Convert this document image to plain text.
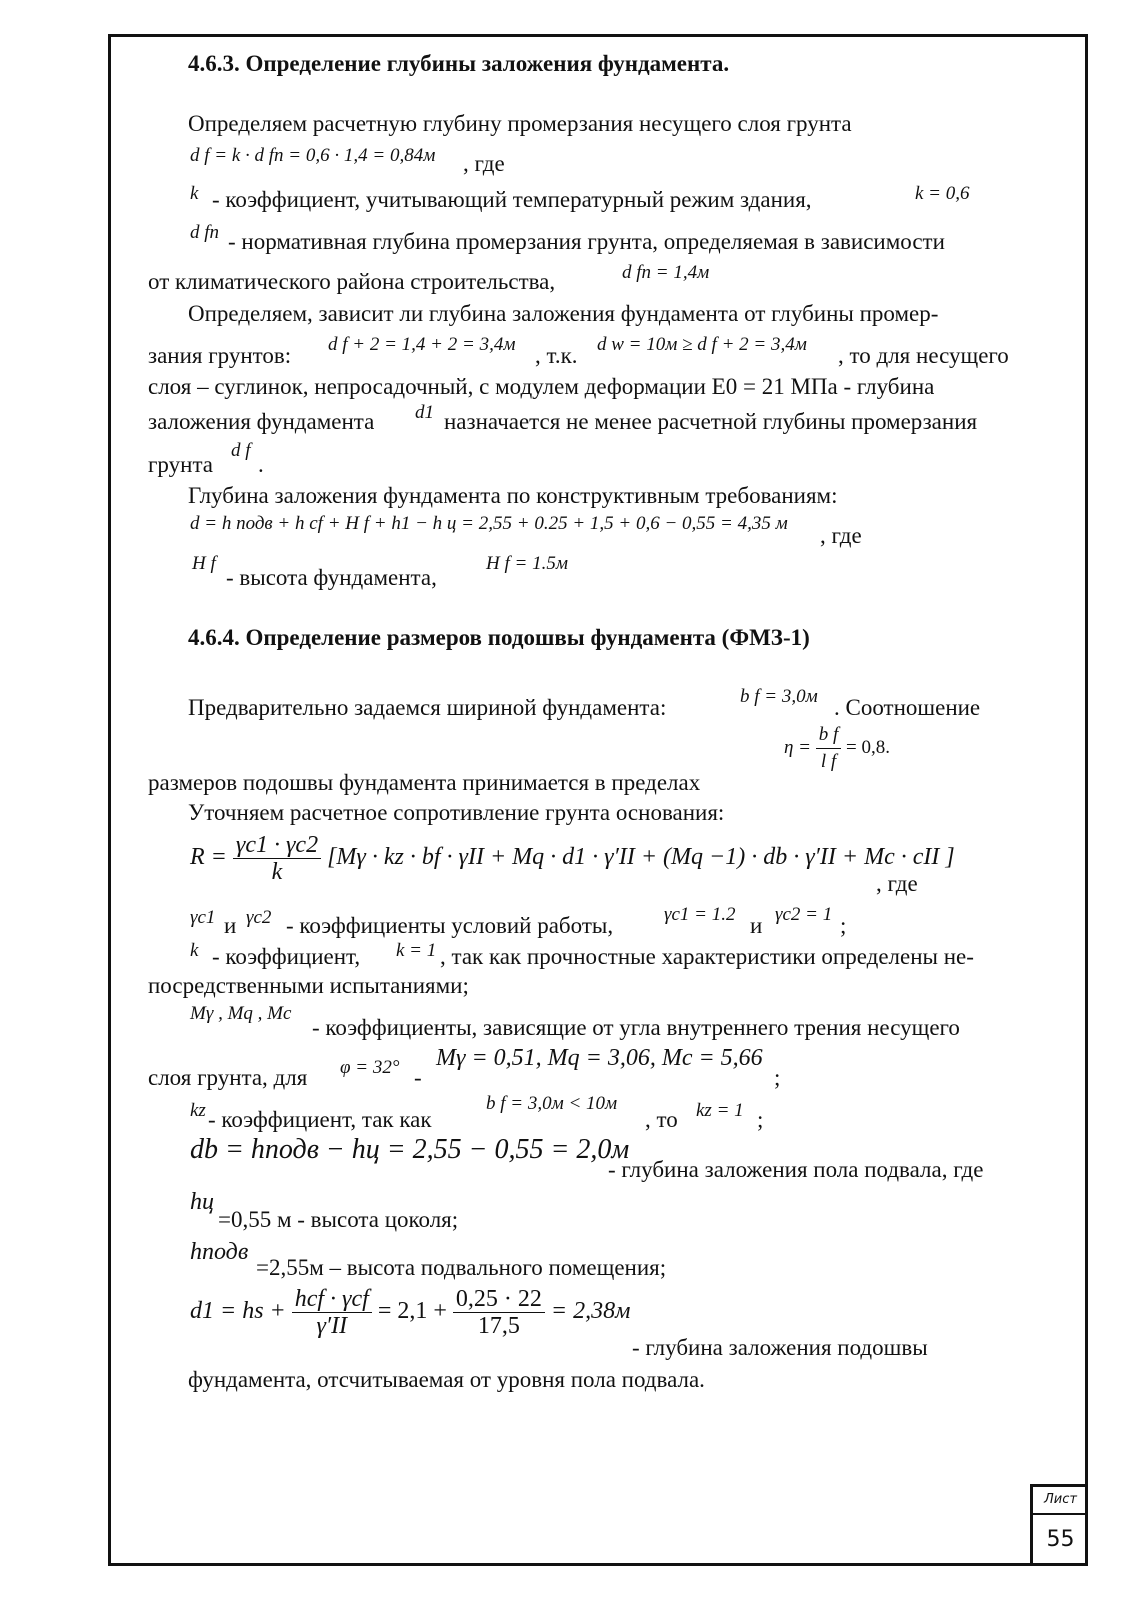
Лист
55
4.6.3. Определение глубины заложения фундамента.
Определяем расчетную глубину промерзания несущего слоя грунта
d f = k · d fn = 0,6 · 1,4 = 0,84м , где
k - коэффициент, учитывающий температурный режим здания,	k = 0,6
d fn - нормативная глубина промерзания грунта, определяемая в зависимости
от климатического района строительства,	d fn = 1,4м
Определяем, зависит ли глубина заложения фундамента от глубины промер-
зания грунтов: d f + 2 = 1,4 + 2 = 3,4м , т.к. d w = 10м ≥ d f + 2 = 3,4м , то для несущего
слоя – суглинок, непросадочный, с модулем деформации E0 = 21 МПа - глубина
заложения фундамента d1 назначается не менее расчетной глубины промерзания
грунта
d f
.
Глубина заложения фундамента по конструктивным требованиям:
d = h подв + h cf + H f + h1 − h ц = 2,55 + 0.25 + 1,5 + 0,6 − 0,55 = 4,35 м , где
H f
- высота фундамента,
H f = 1.5м
4.6.4. Определение размеров подошвы фундамента (ФМЗ-1)
Предварительно задаемся шириной фундамента:	b f = 3,0м . Соотношение
$\eta = \frac{\text{b f}}{\text{l f}} = 0,8$.
размеров подошвы фундамента принимается в пределах
Уточняем расчетное сопротивление грунта основания:
$R = \frac{\gamma c1 \cdot \gamma c2}{k} [M\gamma$ · kz · bf · γII + Mq · d1 · γ′II + (Mq −1) · db · γ′II + Mc · cII ]
, где
γc1 и γc2 - коэффициенты условий работы,	γc1 = 1.2 и γc2 = 1 ;
k - коэффициент, k = 1 , так как прочностные характеристики определены не-
посредственными испытаниями;
Mγ , Mq , Mc
- коэффициенты, зависящие от угла внутреннего трения несущего
слоя грунта, для φ = 32° -
Mγ = 0,51, Mq = 3,06, Mc = 5,66
;
kz - коэффициент, так как
b f = 3,0м < 10м
, то kz = 1 ;
db = hподв − hц = 2,55 − 0,55 = 2,0м
- глубина заложения пола подвала, где
hц
=0,55 м - высота цоколя;
hподв
=2,55м – высота подвального помещения;
d1 = hs + $\frac{\text{hcf · γcf}}{\gamma'II} = 2,1 + \frac{0,25 \cdot 22}{17,5} = 2,38м$
- глубина заложения подошвы
фундамента, отсчитываемая от уровня пола подвала.
